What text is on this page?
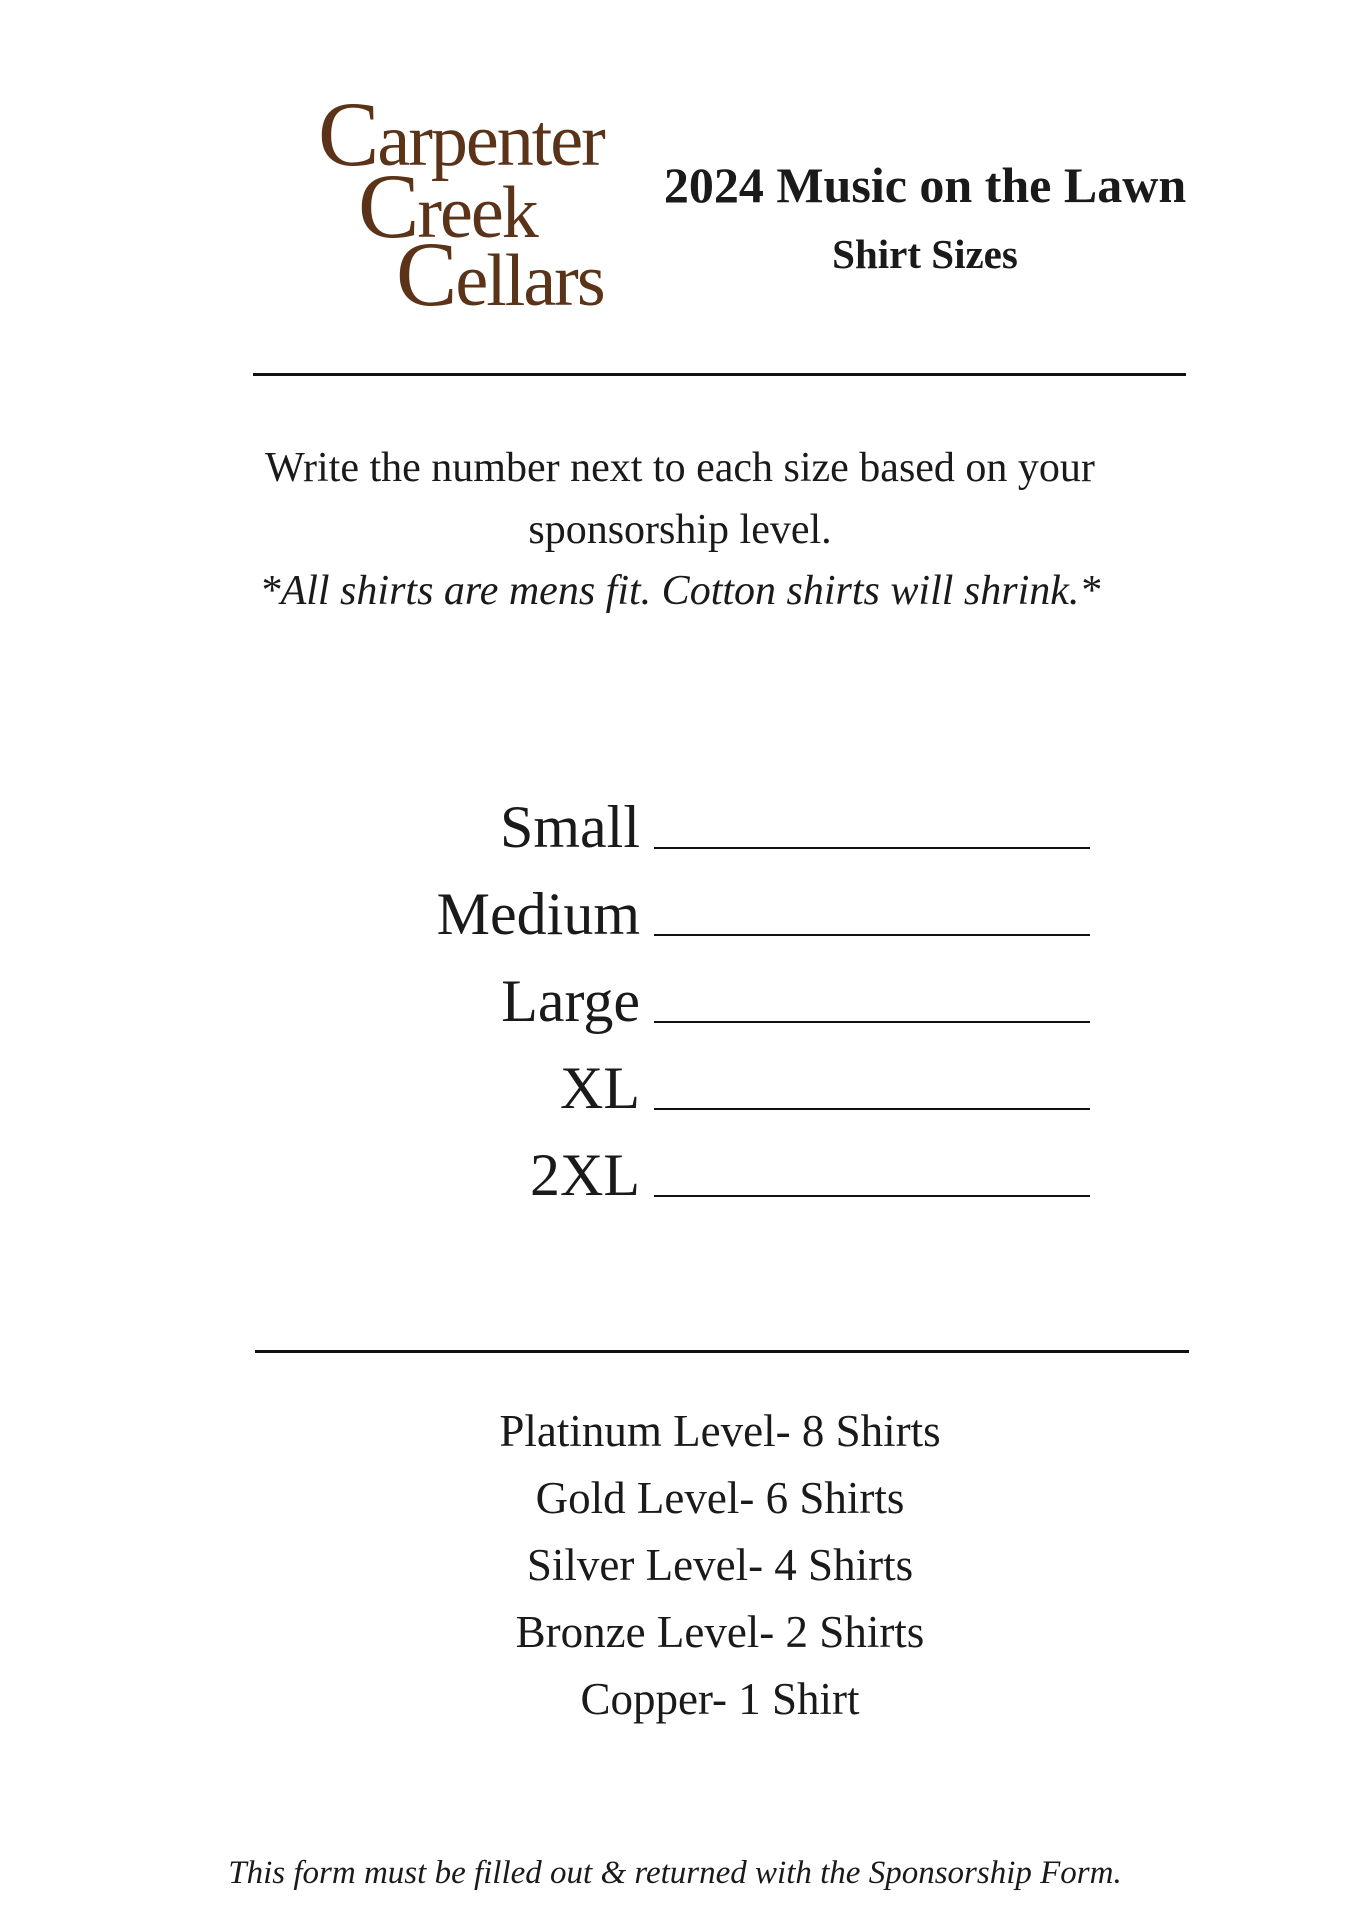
Carpenter
Creek
Cellars
2024 Music on the Lawn
Shirt Sizes
Write the number next to each size based on your
sponsorship level.
*All shirts are mens fit. Cotton shirts will shrink.*
Small
Medium
Large
XL
2XL
Platinum Level- 8 Shirts
Gold Level- 6 Shirts
Silver Level- 4 Shirts
Bronze Level- 2 Shirts
Copper- 1 Shirt
This form must be filled out & returned with the Sponsorship Form.
